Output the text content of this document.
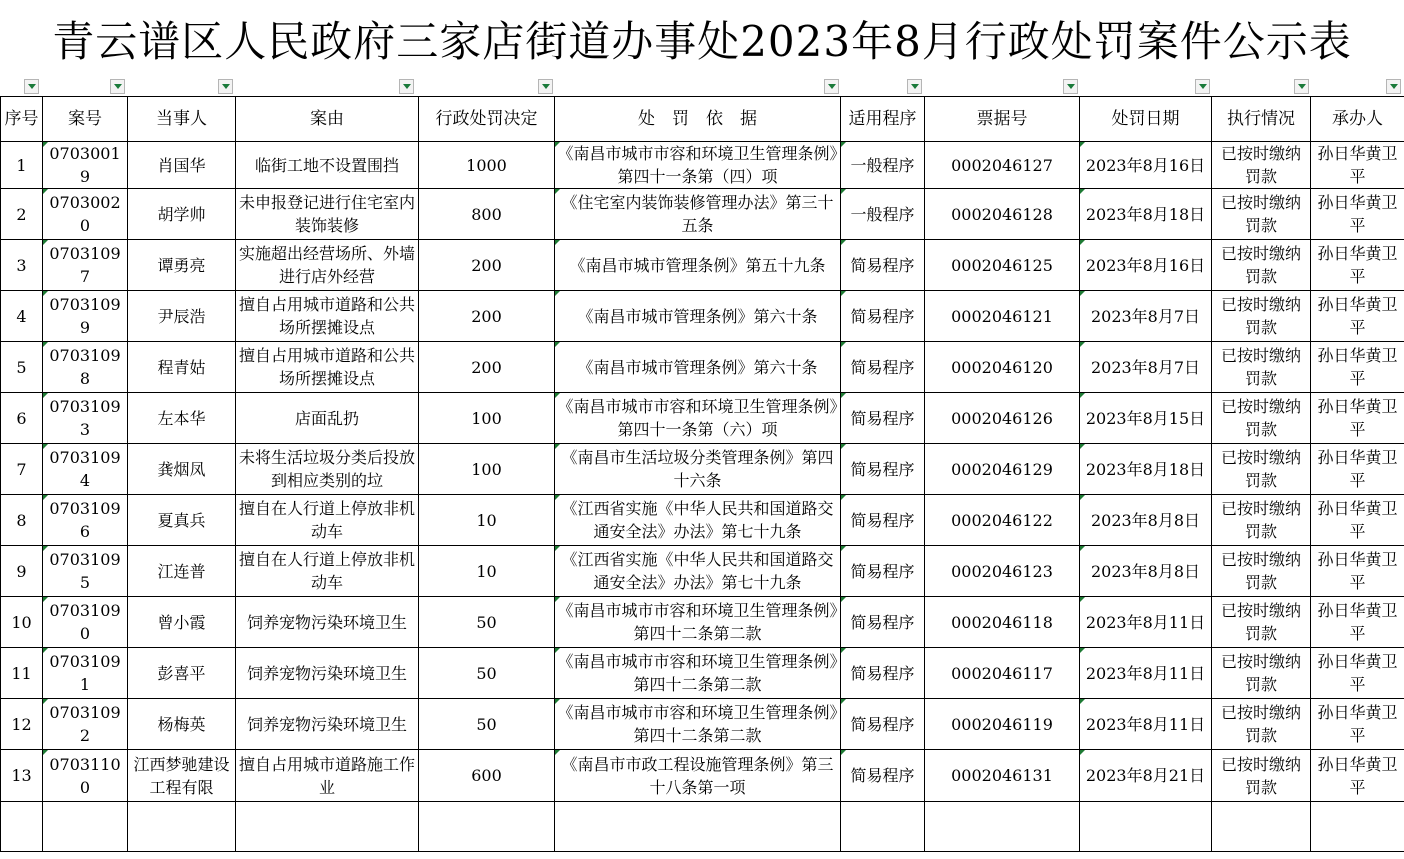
青云谱区人民政府三家店街道办事处2023年8月行政处罚案件公示表
序号	案号	当事人	案由	行政处罚决定	处　罚　依　据	适用程序	票据号	处罚日期	执行情况	承办人
1	07030019	肖国华	临街工地不设置围挡	1000	《南昌市城市市容和环境卫生管理条例》第四十一条第（四）项	一般程序	0002046127	2023年8月16日	已按时缴纳罚款	孙日华黄卫平
2	07030020	胡学帅	未申报登记进行住宅室内装饰装修	800	《住宅室内装饰装修管理办法》第三十五条	一般程序	0002046128	2023年8月18日	已按时缴纳罚款	孙日华黄卫平
3	07031097	谭勇亮	实施超出经营场所、外墙进行店外经营	200	《南昌市城市管理条例》第五十九条	简易程序	0002046125	2023年8月16日	已按时缴纳罚款	孙日华黄卫平
4	07031099	尹辰浩	擅自占用城市道路和公共场所摆摊设点	200	《南昌市城市管理条例》第六十条	简易程序	0002046121	2023年8月7日	已按时缴纳罚款	孙日华黄卫平
5	07031098	程青姑	擅自占用城市道路和公共场所摆摊设点	200	《南昌市城市管理条例》第六十条	简易程序	0002046120	2023年8月7日	已按时缴纳罚款	孙日华黄卫平
6	07031093	左本华	店面乱扔	100	《南昌市城市市容和环境卫生管理条例》第四十一条第（六）项	简易程序	0002046126	2023年8月15日	已按时缴纳罚款	孙日华黄卫平
7	07031094	龚烟凤	未将生活垃圾分类后投放到相应类别的垃	100	《南昌市生活垃圾分类管理条例》第四十六条	简易程序	0002046129	2023年8月18日	已按时缴纳罚款	孙日华黄卫平
8	07031096	夏真兵	擅自在人行道上停放非机动车	10	《江西省实施《中华人民共和国道路交通安全法》办法》第七十九条	简易程序	0002046122	2023年8月8日	已按时缴纳罚款	孙日华黄卫平
9	07031095	江连普	擅自在人行道上停放非机动车	10	《江西省实施《中华人民共和国道路交通安全法》办法》第七十九条	简易程序	0002046123	2023年8月8日	已按时缴纳罚款	孙日华黄卫平
10	07031090	曾小霞	饲养宠物污染环境卫生	50	《南昌市城市市容和环境卫生管理条例》第四十二条第二款	简易程序	0002046118	2023年8月11日	已按时缴纳罚款	孙日华黄卫平
11	07031091	彭喜平	饲养宠物污染环境卫生	50	《南昌市城市市容和环境卫生管理条例》第四十二条第二款	简易程序	0002046117	2023年8月11日	已按时缴纳罚款	孙日华黄卫平
12	07031092	杨梅英	饲养宠物污染环境卫生	50	《南昌市城市市容和环境卫生管理条例》第四十二条第二款	简易程序	0002046119	2023年8月11日	已按时缴纳罚款	孙日华黄卫平
13	07031100	江西梦驰建设工程有限	擅自占用城市道路施工作业	600	《南昌市市政工程设施管理条例》第三十八条第一项	简易程序	0002046131	2023年8月21日	已按时缴纳罚款	孙日华黄卫平
